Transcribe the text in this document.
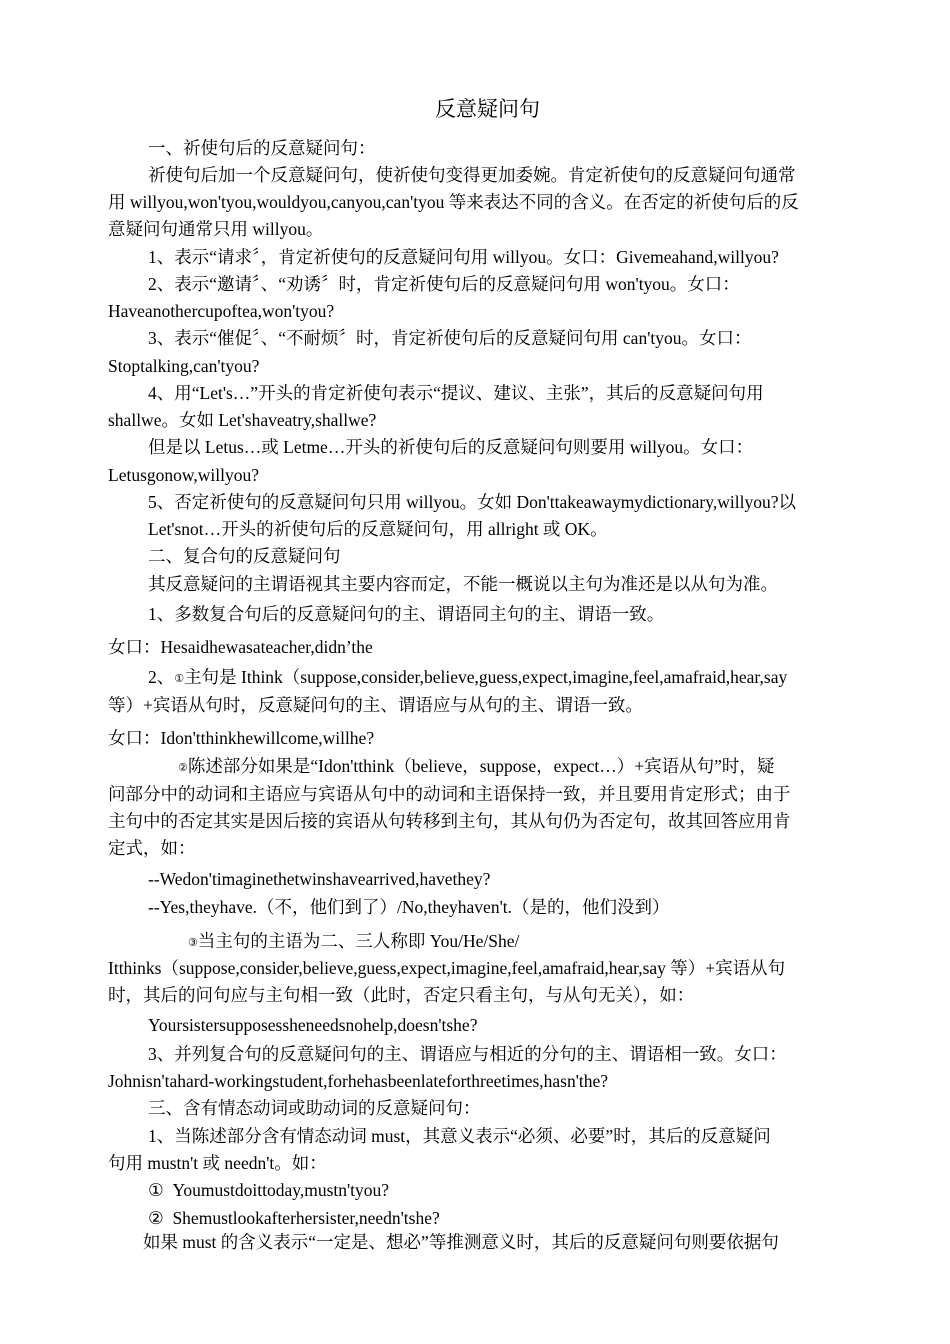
反意疑问句
一、祈使句后的反意疑问句：
祈使句后加一个反意疑问句，使祈使句变得更加委婉。肯定祈使句的反意疑问句通常
用 willyou,won'tyou,wouldyou,canyou,can'tyou 等来表达不同的含义。在否定的祈使句后的反
意疑问句通常只用 willyou。
1、表示“请求〞，肯定祈使句的反意疑问句用 willyou。女口：Givemeahand,willyou?
2、表示“邀请〞、“劝诱〞时，肯定祈使句后的反意疑问句用 won'tyou。女口：
Haveanothercupoftea,won'tyou?
3、表示“催促〞、“不耐烦〞时，肯定祈使句后的反意疑问句用 can'tyou。女口：
Stoptalking,can'tyou?
4、用“Let's…”开头的肯定祈使句表示“提议、建议、主张”，其后的反意疑问句用
shallwe。女如 Let'shaveatry,shallwe?
但是以 Letus…或 Letme…开头的祈使句后的反意疑问句则要用 willyou。女口：
Letusgonow,willyou?
5、否定祈使句的反意疑问句只用 willyou。女如 Don'ttakeawaymydictionary,willyou?以
Let'snot…开头的祈使句后的反意疑问句，用 allright 或 OK。
二、复合句的反意疑问句
其反意疑问的主谓语视其主要内容而定，不能一概说以主句为准还是以从句为准。
1、多数复合句后的反意疑问句的主、谓语同主句的主、谓语一致。
女口：Hesaidhewasateacher,didn’the
2、①主句是 Ithink（suppose,consider,believe,guess,expect,imagine,feel,amafraid,hear,say
等）+宾语从句时，反意疑问句的主、谓语应与从句的主、谓语一致。
女口：Idon'tthinkhewillcome,willhe?
②陈述部分如果是“Idon'tthink（believe，suppose，expect…）+宾语从句”时，疑
问部分中的动词和主语应与宾语从句中的动词和主语保持一致，并且要用肯定形式；由于
主句中的否定其实是因后接的宾语从句转移到主句，其从句仍为否定句，故其回答应用肯
定式，如：
--Wedon'timaginethetwinshavearrived,havethey?
--Yes,theyhave.（不，他们到了）/No,theyhaven't.（是的，他们没到）
③当主句的主语为二、三人称即 You/He/She/
Itthinks（suppose,consider,believe,guess,expect,imagine,feel,amafraid,hear,say 等）+宾语从句
时，其后的问句应与主句相一致（此时，否定只看主句，与从句无关），如：
Yoursistersupposessheneedsnohelp,doesn'tshe?
3、并列复合句的反意疑问句的主、谓语应与相近的分句的主、谓语相一致。女口：
Johnisn'tahard-workingstudent,forhehasbeenlateforthreetimes,hasn'the?
三、含有情态动词或助动词的反意疑问句：
1、当陈述部分含有情态动词 must，其意义表示“必须、必要”时，其后的反意疑问
句用 mustn't 或 needn't。如：
① Youmustdoittoday,mustn'tyou?
② Shemustlookafterhersister,needn'tshe?
如果 must 的含义表示“一定是、想必”等推测意义时，其后的反意疑问句则要依据句
